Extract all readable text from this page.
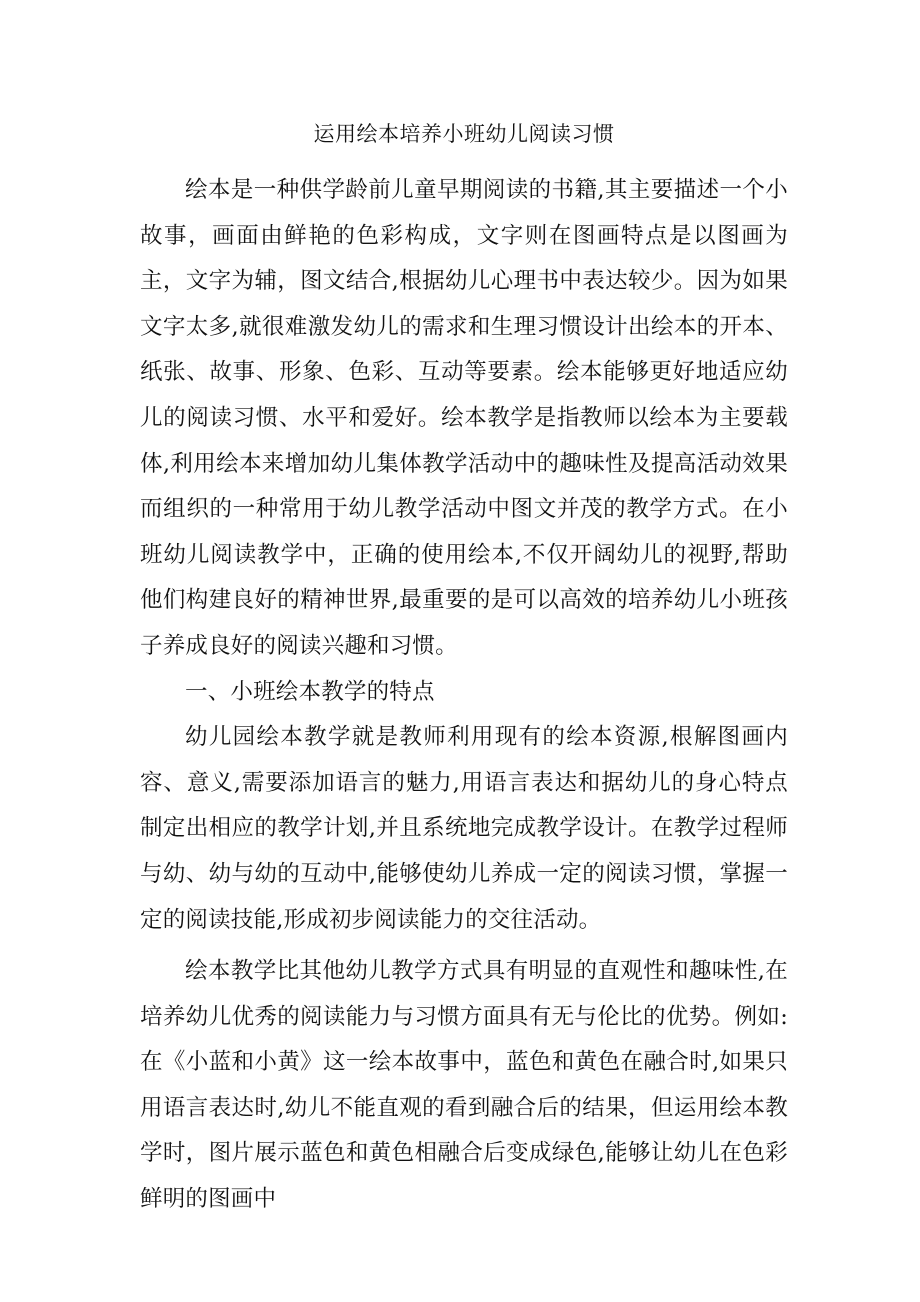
运用绘本培养小班幼儿阅读习惯

绘本是一种供学龄前儿童早期阅读的书籍,其主要描述一个小故事，画面由鲜艳的色彩构成，文字则在图画特点是以图画为主，文字为辅，图文结合,根据幼儿心理书中表达较少。因为如果文字太多,就很难激发幼儿的需求和生理习惯设计出绘本的开本、纸张、故事、形象、色彩、互动等要素。绘本能够更好地适应幼儿的阅读习惯、水平和爱好。绘本教学是指教师以绘本为主要载体,利用绘本来增加幼儿集体教学活动中的趣味性及提高活动效果而组织的一种常用于幼儿教学活动中图文并茂的教学方式。在小班幼儿阅读教学中，正确的使用绘本,不仅开阔幼儿的视野,帮助他们构建良好的精神世界,最重要的是可以高效的培养幼儿小班孩子养成良好的阅读兴趣和习惯。

一、小班绘本教学的特点

幼儿园绘本教学就是教师利用现有的绘本资源,根解图画内容、意义,需要添加语言的魅力,用语言表达和据幼儿的身心特点制定出相应的教学计划,并且系统地完成教学设计。在教学过程师与幼、幼与幼的互动中,能够使幼儿养成一定的阅读习惯，掌握一定的阅读技能,形成初步阅读能力的交往活动。

绘本教学比其他幼儿教学方式具有明显的直观性和趣味性,在培养幼儿优秀的阅读能力与习惯方面具有无与伦比的优势。例如:在《小蓝和小黄》这一绘本故事中，蓝色和黄色在融合时,如果只用语言表达时,幼儿不能直观的看到融合后的结果，但运用绘本教学时，图片展示蓝色和黄色相融合后变成绿色,能够让幼儿在色彩鲜明的图画中
